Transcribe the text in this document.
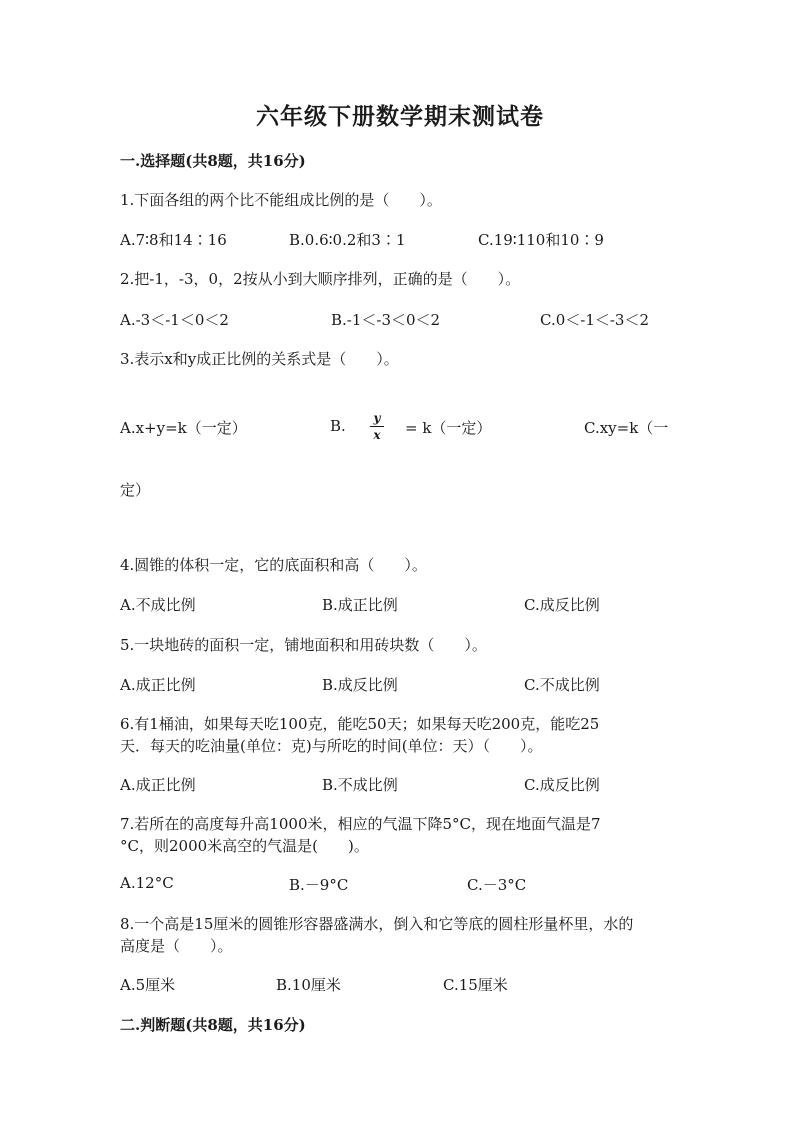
六年级下册数学期末测试卷
一.选择题(共8题，共16分)
1.下面各组的两个比不能组成比例的是（　　）。
A.7∶8和14∶16	B.0.6∶0.2和3∶1	C.19∶110和10∶9
2.把-1，-3，0，2按从小到大顺序排列，正确的是（　　）。
A.-3＜-1＜0＜2	B.-1＜-3＜0＜2	C.0＜-1＜-3＜2
3.表示x和y成正比例的关系式是（　　）。
A.x+y=k（一定）	B. $\frac{y}{x} = k$（一定）	C.xy=k（一
定）
4.圆锥的体积一定，它的底面积和高（　　）。
A.不成比例	B.成正比例	C.成反比例
5.一块地砖的面积一定，铺地面积和用砖块数（　　）。
A.成正比例	B.成反比例	C.不成比例
6.有1桶油，如果每天吃100克，能吃50天；如果每天吃200克，能吃25
天．每天的吃油量(单位：克)与所吃的时间(单位：天）（　　）。
A.成正比例	B.不成比例	C.成反比例
7.若所在的高度每升高1000米，相应的气温下降5°C，现在地面气温是7
°C，则2000米高空的气温是(　　)。
A.12°C	B.－9°C	C.－3°C
8.一个高是15厘米的圆锥形容器盛满水，倒入和它等底的圆柱形量杯里，水的
高度是（　　）。
A.5厘米	B.10厘米	C.15厘米
二.判断题(共8题，共16分)
